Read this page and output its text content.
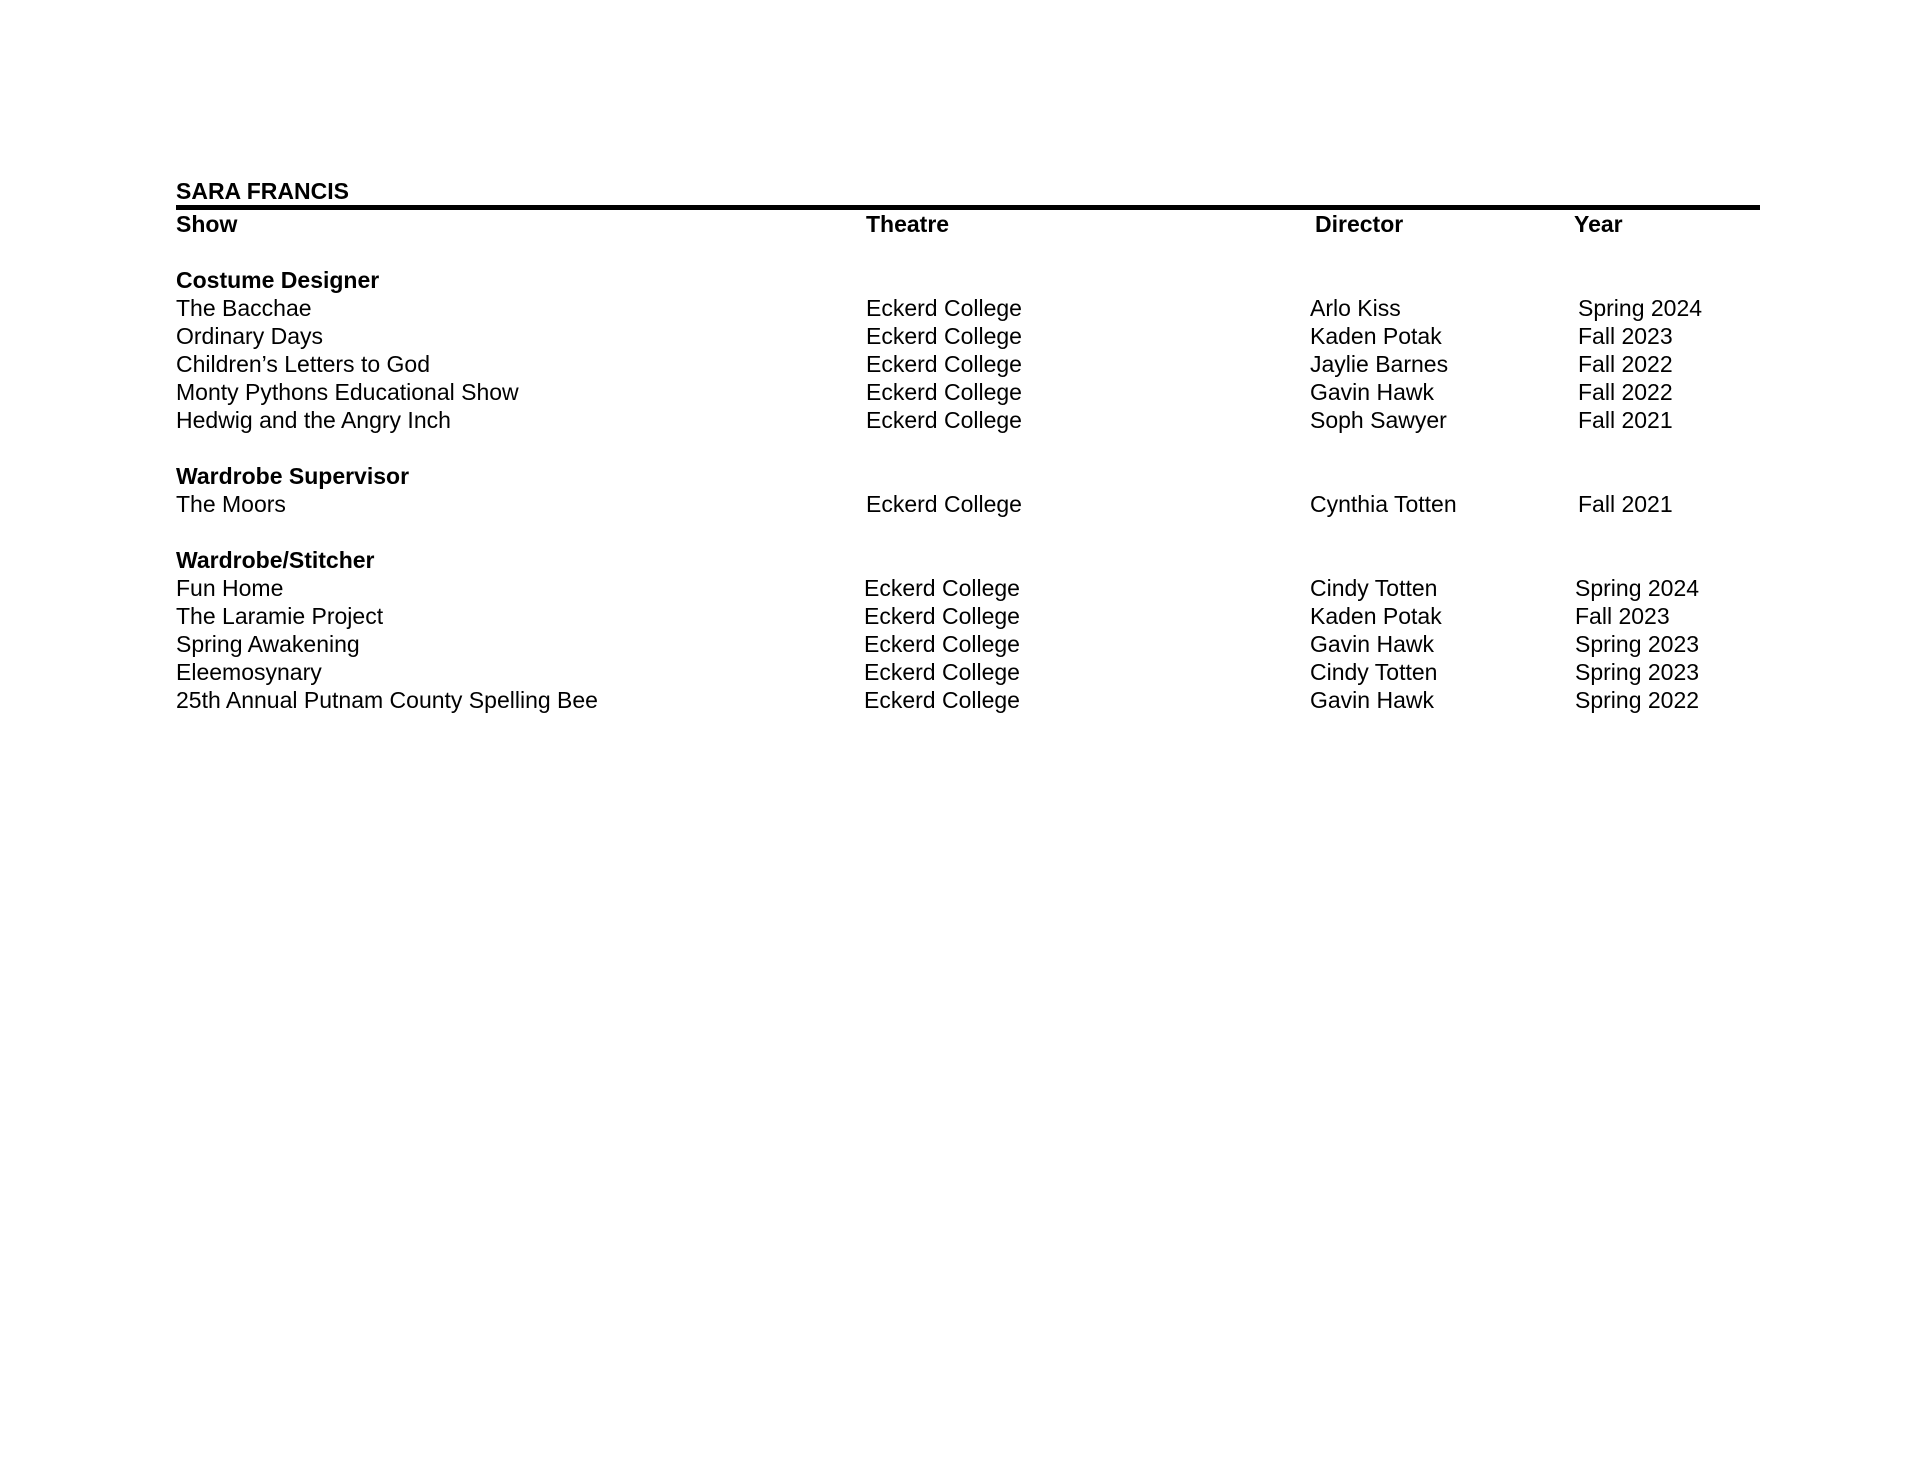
SARA FRANCIS
Show	Theatre	Director	Year
Costume Designer
The Bacchae	Eckerd College	Arlo Kiss	Spring 2024
Ordinary Days	Eckerd College	Kaden Potak	Fall 2023
Children’s Letters to God	Eckerd College	Jaylie Barnes	Fall 2022
Monty Pythons Educational Show	Eckerd College	Gavin Hawk	Fall 2022
Hedwig and the Angry Inch	Eckerd College	Soph Sawyer	Fall 2021
Wardrobe Supervisor
The Moors	Eckerd College	Cynthia Totten	Fall 2021
Wardrobe/Stitcher
Fun Home	Eckerd College	Cindy Totten	Spring 2024
The Laramie Project	Eckerd College	Kaden Potak	Fall 2023
Spring Awakening	Eckerd College	Gavin Hawk	Spring 2023
Eleemosynary	Eckerd College	Cindy Totten	Spring 2023
25th Annual Putnam County Spelling Bee	Eckerd College	Gavin Hawk	Spring 2022
